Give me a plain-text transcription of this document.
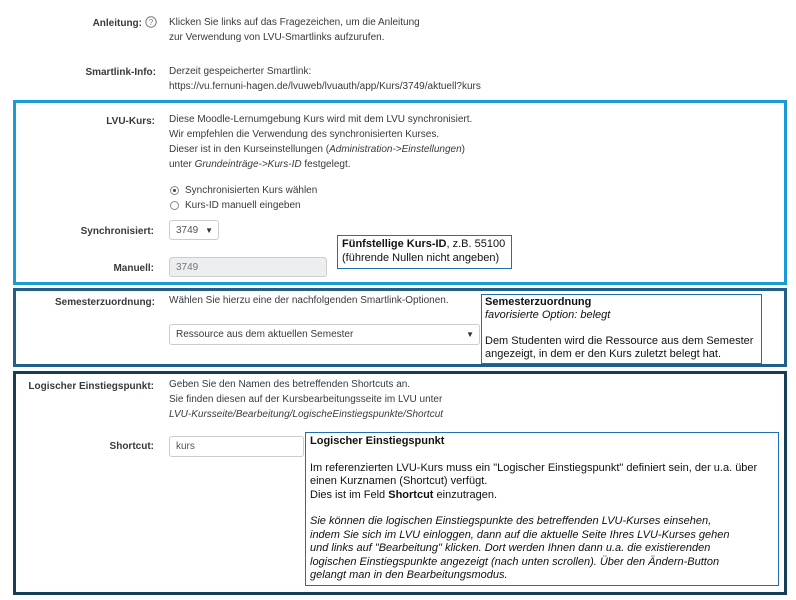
Anleitung: ? Klicken Sie links auf das Fragezeichen, um die Anleitung
zur Verwendung von LVU-Smartlinks aufzurufen.
Smartlink-Info: Derzeit gespeicherter Smartlink:
https://vu.fernuni-hagen.de/lvuweb/lvuauth/app/Kurs/3749/aktuell?kurs
LVU-Kurs: Diese Moodle-Lernumgebung Kurs wird mit dem LVU synchronisiert.
Wir empfehlen die Verwendung des synchronisierten Kurses.
Dieser ist in den Kurseinstellungen (Administration->Einstellungen)
unter Grundeinträge->Kurs-ID festgelegt.
Synchronisierten Kurs wählen
Kurs-ID manuell eingeben
Synchronisiert: 3749 ▼
Manuell: 3749
Fünfstellige Kurs-ID, z.B. 55100
(führende Nullen nicht angeben)
Semesterzuordnung: Wählen Sie hierzu eine der nachfolgenden Smartlink-Optionen.
Ressource aus dem aktuellen Semester	▼
Semesterzuordnung
favorisierte Option: belegt
Dem Studenten wird die Ressource aus dem Semester
angezeigt, in dem er den Kurs zuletzt belegt hat.
Logischer Einstiegspunkt: Geben Sie den Namen des betreffenden Shortcuts an.
Sie finden diesen auf der Kursbearbeitungsseite im LVU unter
LVU-Kursseite/Bearbeitung/LogischeEinstiegspunkte/Shortcut
Shortcut: kurs	Logischer Einstiegspunkt
Im referenzierten LVU-Kurs muss ein "Logischer Einstiegspunkt" definiert sein, der u.a. über
einen Kurznamen (Shortcut) verfügt.
Dies ist im Feld Shortcut einzutragen.
Sie können die logischen Einstiegspunkte des betreffenden LVU-Kurses einsehen,
indem Sie sich im LVU einloggen, dann auf die aktuelle Seite Ihres LVU-Kurses gehen
und links auf "Bearbeitung" klicken. Dort werden Ihnen dann u.a. die existierenden
logischen Einstiegspunkte angezeigt (nach unten scrollen). Über den Ändern-Button
gelangt man in den Bearbeitungsmodus.
